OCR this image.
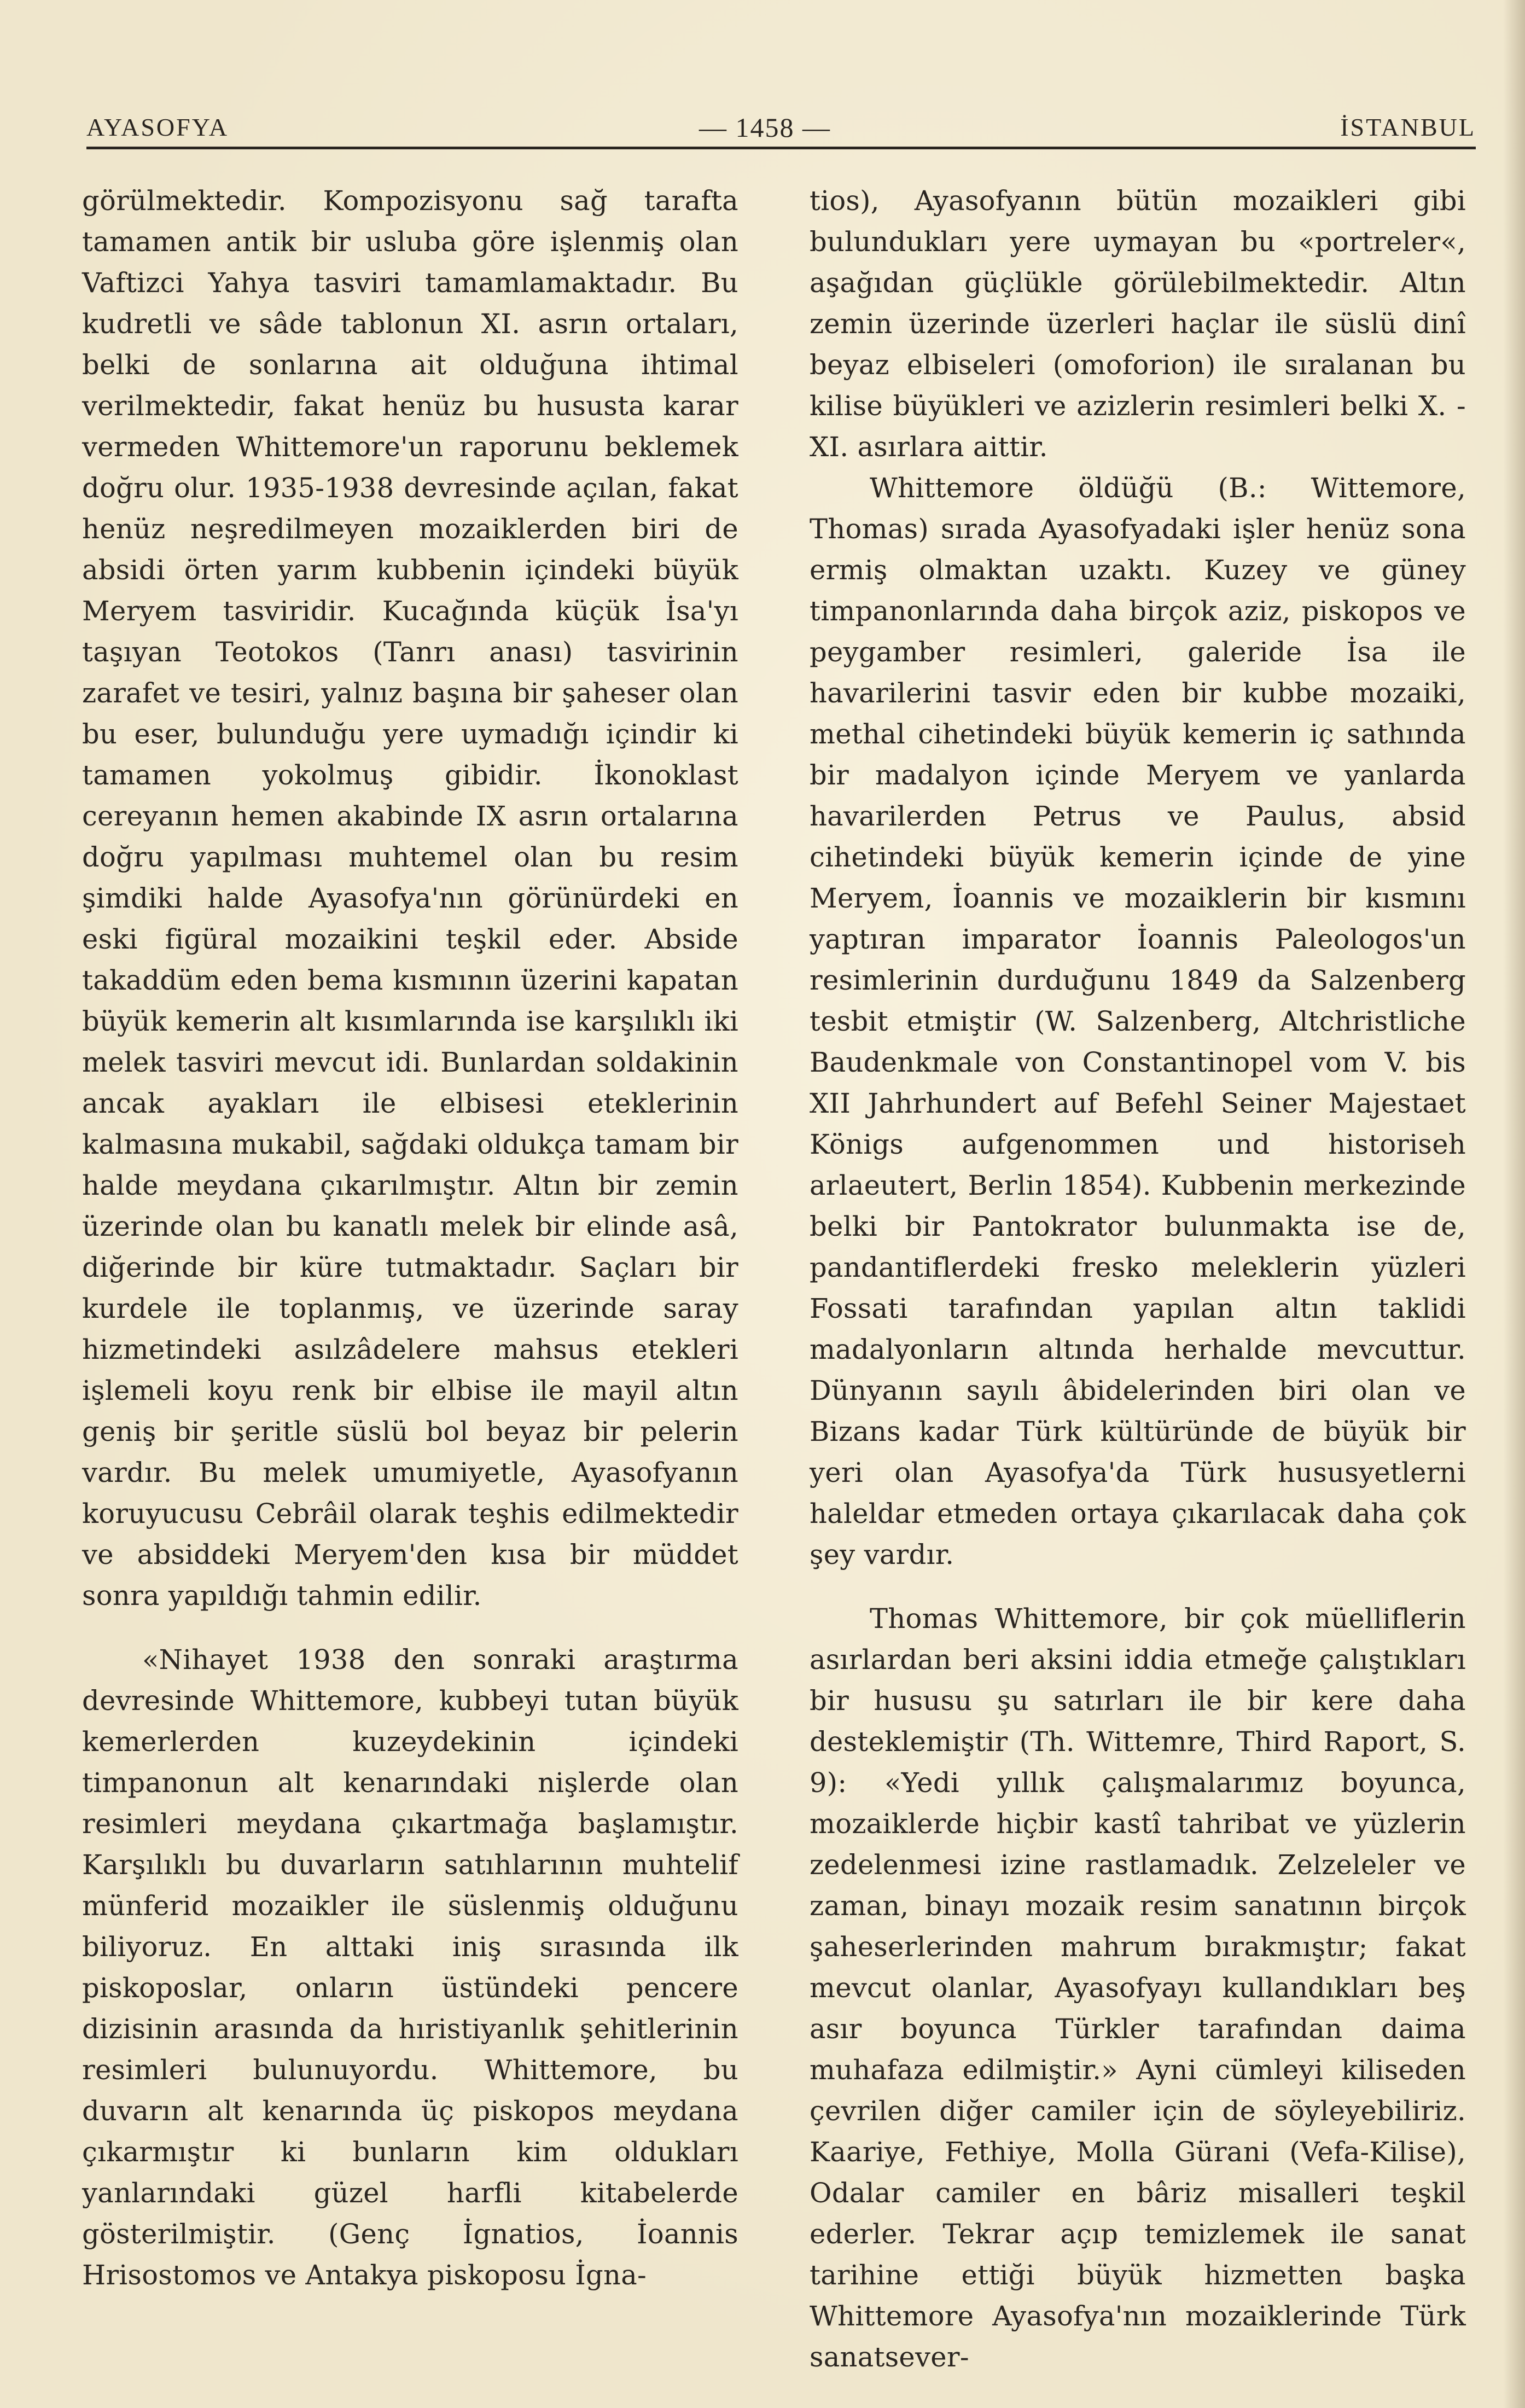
AYASOFYA	— 1458 —	İSTANBUL

görülmektedir. Kompozisyonu sağ tarafta tamamen antik bir usluba göre işlenmiş olan Vaftizci Yahya tasviri tamamlamaktadır. Bu kudretli ve sâde tablonun XI. asrın ortaları, belki de sonlarına ait olduğuna ihtimal verilmektedir, fakat henüz bu hususta karar vermeden Whittemore'un raporunu beklemek doğru olur. 1935-1938 devresinde açılan, fakat henüz neşredilmeyen mozaiklerden biri de absidi örten yarım kubbenin içindeki büyük Meryem tasviridir. Kucağında küçük İsa'yı taşıyan Teotokos (Tanrı anası) tasvirinin zarafet ve tesiri, yalnız başına bir şaheser olan bu eser, bulunduğu yere uymadığı içindir ki tamamen yokolmuş gibidir. İkonoklast cereyanın hemen akabinde IX asrın ortalarına doğru yapılması muhtemel olan bu resim şimdiki halde Ayasofya'nın görünürdeki en eski figüral mozaikini teşkil eder. Abside takaddüm eden bema kısmının üzerini kapatan büyük kemerin alt kısımlarında ise karşılıklı iki melek tasviri mevcut idi. Bunlardan soldakinin ancak ayakları ile elbisesi eteklerinin kalmasına mukabil, sağdaki oldukça tamam bir halde meydana çıkarılmıştır. Altın bir zemin üzerinde olan bu kanatlı melek bir elinde asâ, diğerinde bir küre tutmaktadır. Saçları bir kurdele ile toplanmış, ve üzerinde saray hizmetindeki asılzâdelere mahsus etekleri işlemeli koyu renk bir elbise ile mayil altın geniş bir şeritle süslü bol beyaz bir pelerin vardır. Bu melek umumiyetle, Ayasofyanın koruyucusu Cebrâil olarak teşhis edilmektedir ve absiddeki Meryem'den kısa bir müddet sonra yapıldığı tahmin edilir.

«Nihayet 1938 den sonraki araştırma devresinde Whittemore, kubbeyi tutan büyük kemerlerden kuzeydekinin içindeki timpanonun alt kenarındaki nişlerde olan resimleri meydana çıkartmağa başlamıştır. Karşılıklı bu duvarların satıhlarının muhtelif münferid mozaikler ile süslenmiş olduğunu biliyoruz. En alttaki iniş sırasında ilk piskoposlar, onların üstündeki pencere dizisinin arasında da hıristiyanlık şehitlerinin resimleri bulunuyordu. Whittemore, bu duvarın alt kenarında üç piskopos meydana çıkarmıştır ki bunların kim oldukları yanlarındaki güzel harfli kitabelerde gösterilmiştir. (Genç İgnatios, İoannis Hrisostomos ve Antakya piskoposu İgna-

tios), Ayasofyanın bütün mozaikleri gibi bulundukları yere uymayan bu «portreler«, aşağıdan güçlükle görülebilmektedir. Altın zemin üzerinde üzerleri haçlar ile süslü dinî beyaz elbiseleri (omoforion) ile sıralanan bu kilise büyükleri ve azizlerin resimleri belki X. - XI. asırlara aittir.

Whittemore öldüğü (B.: Wittemore, Thomas) sırada Ayasofyadaki işler henüz sona ermiş olmaktan uzaktı. Kuzey ve güney timpanonlarında daha birçok aziz, piskopos ve peygamber resimleri, galeride İsa ile havarilerini tasvir eden bir kubbe mozaiki, methal cihetindeki büyük kemerin iç sathında bir madalyon içinde Meryem ve yanlarda havarilerden Petrus ve Paulus, absid cihetindeki büyük kemerin içinde de yine Meryem, İoannis ve mozaiklerin bir kısmını yaptıran imparator İoannis Paleologos'un resimlerinin durduğunu 1849 da Salzenberg tesbit etmiştir (W. Salzenberg, Altchristliche Baudenkmale von Constantinopel vom V. bis XII Jahrhundert auf Befehl Seiner Majestaet Königs aufgenommen und historiseh arlaeutert, Berlin 1854). Kubbenin merkezinde belki bir Pantokrator bulunmakta ise de, pandantiflerdeki fresko meleklerin yüzleri Fossati tarafından yapılan altın taklidi madalyonların altında herhalde mevcuttur. Dünyanın sayılı âbidelerinden biri olan ve Bizans kadar Türk kültüründe de büyük bir yeri olan Ayasofya'da Türk hususyetlerni haleldar etmeden ortaya çıkarılacak daha çok şey vardır.

Thomas Whittemore, bir çok müelliflerin asırlardan beri aksini iddia etmeğe çalıştıkları bir hususu şu satırları ile bir kere daha desteklemiştir (Th. Wittemre, Third Raport, S. 9): «Yedi yıllık çalışmalarımız boyunca, mozaiklerde hiçbir kastî tahribat ve yüzlerin zedelenmesi izine rastlamadık. Zelzeleler ve zaman, binayı mozaik resim sanatının birçok şaheserlerinden mahrum bırakmıştır; fakat mevcut olanlar, Ayasofyayı kullandıkları beş asır boyunca Türkler tarafından daima muhafaza edilmiştir.» Ayni cümleyi kiliseden çevrilen diğer camiler için de söyleyebiliriz. Kaariye, Fethiye, Molla Gürani (Vefa-Kilise), Odalar camiler en bâriz misalleri teşkil ederler. Tekrar açıp temizlemek ile sanat tarihine ettiği büyük hizmetten başka Whittemore Ayasofya'nın mozaiklerinde Türk sanatsever-
